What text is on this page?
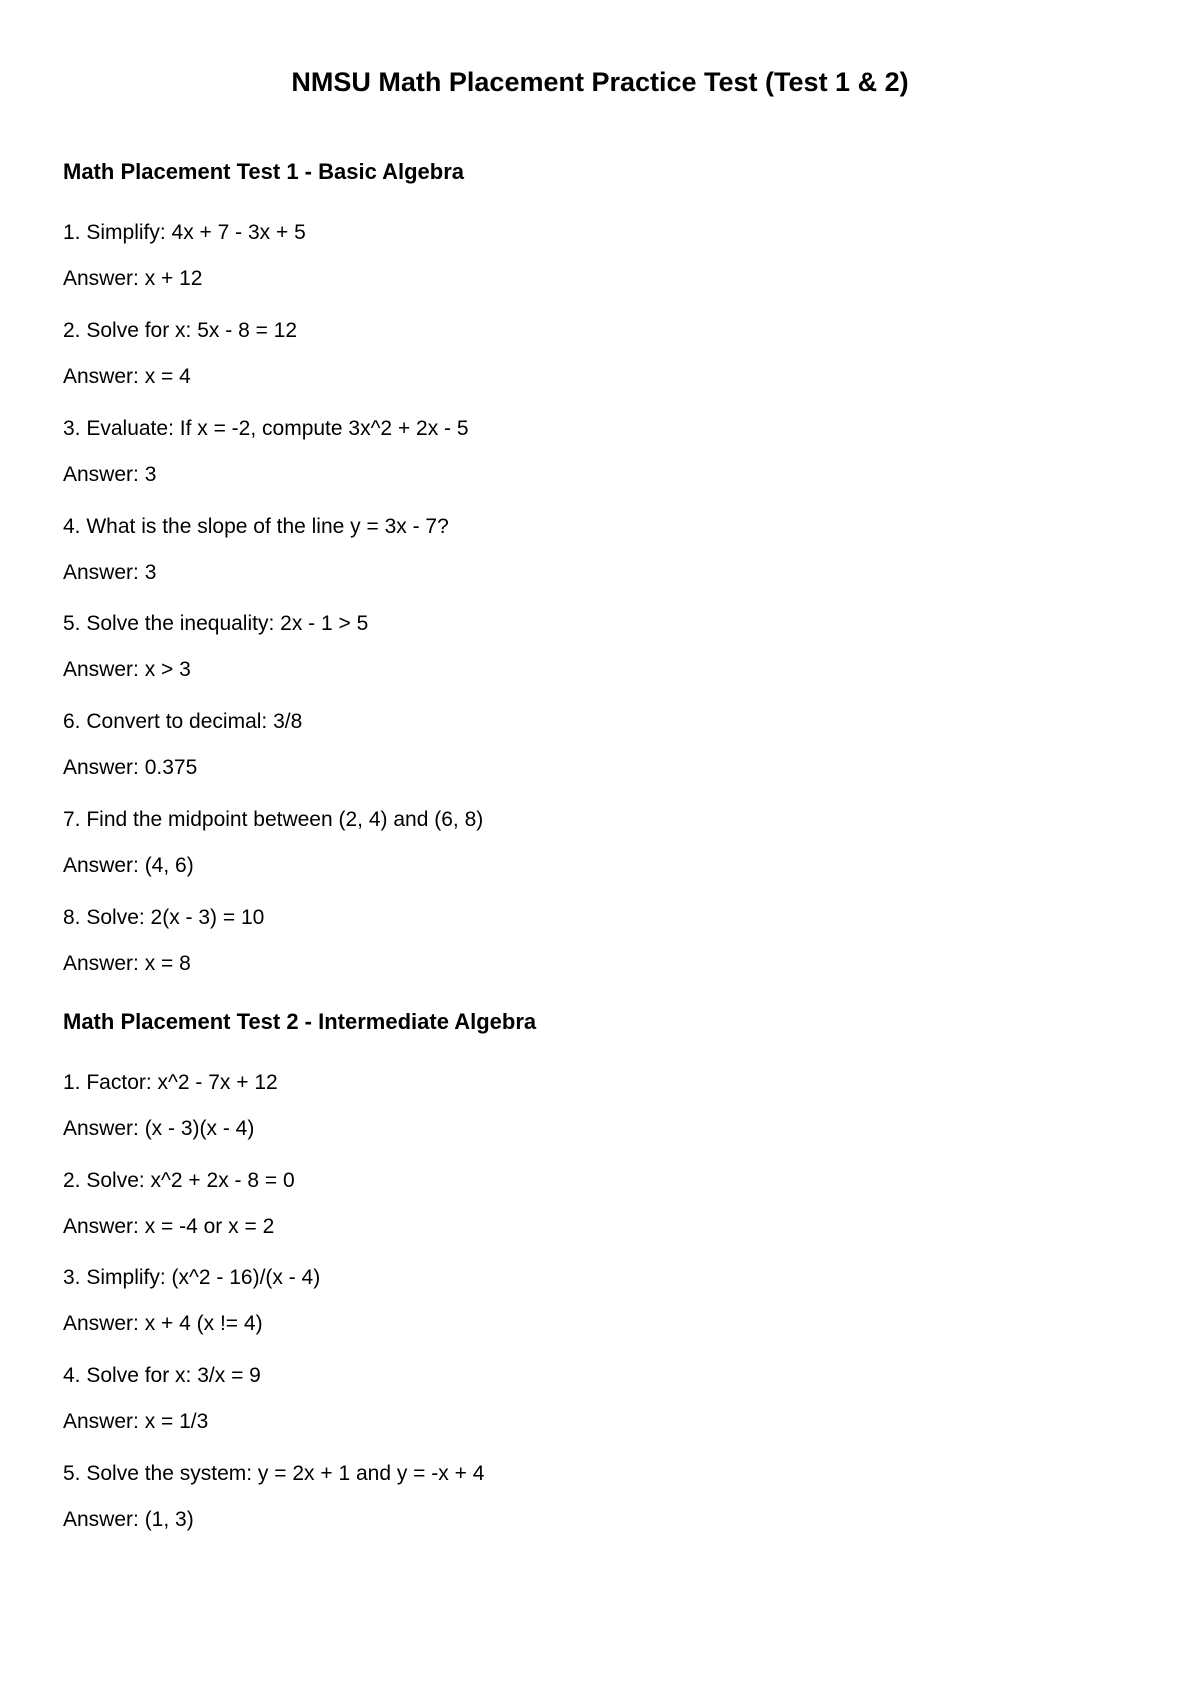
NMSU Math Placement Practice Test (Test 1 & 2)
Math Placement Test 1 - Basic Algebra
1. Simplify: 4x + 7 - 3x + 5
Answer: x + 12
2. Solve for x: 5x - 8 = 12
Answer: x = 4
3. Evaluate: If x = -2, compute 3x^2 + 2x - 5
Answer: 3
4. What is the slope of the line y = 3x - 7?
Answer: 3
5. Solve the inequality: 2x - 1 > 5
Answer: x > 3
6. Convert to decimal: 3/8
Answer: 0.375
7. Find the midpoint between (2, 4) and (6, 8)
Answer: (4, 6)
8. Solve: 2(x - 3) = 10
Answer: x = 8
Math Placement Test 2 - Intermediate Algebra
1. Factor: x^2 - 7x + 12
Answer: (x - 3)(x - 4)
2. Solve: x^2 + 2x - 8 = 0
Answer: x = -4 or x = 2
3. Simplify: (x^2 - 16)/(x - 4)
Answer: x + 4 (x != 4)
4. Solve for x: 3/x = 9
Answer: x = 1/3
5. Solve the system: y = 2x + 1 and y = -x + 4
Answer: (1, 3)
